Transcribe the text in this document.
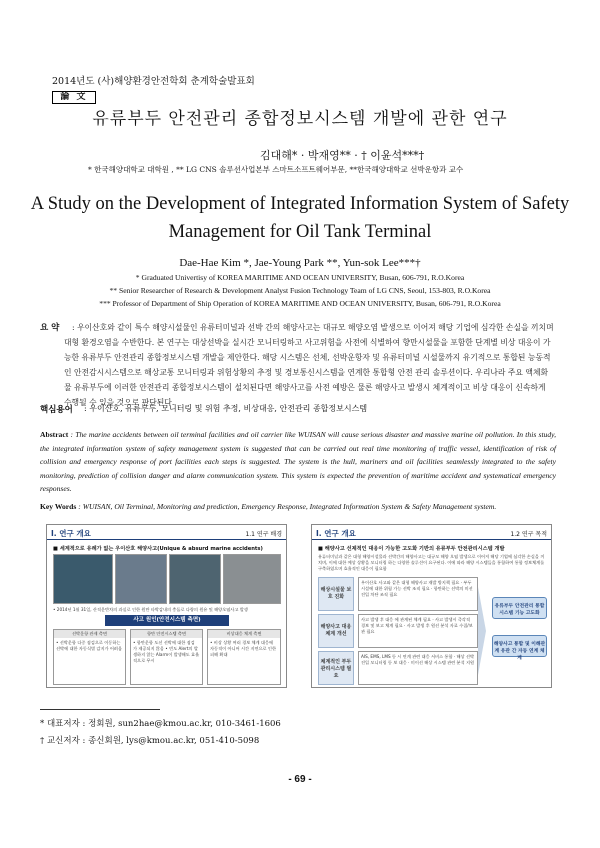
2014년도 (사)해양환경안전학회 춘계학술발표회
論 文
유류부두 안전관리 종합정보시스템 개발에 관한 연구
김대해* · 박재영** · † 이윤석***†
* 한국해양대학교 대학원 , ** LG CNS 솔루션사업본부 스마트소프트웨어부문, **한국해양대학교 선박운항과 교수
A Study on the Development of Integrated Information System of Safety
Management for Oil Tank Terminal
Dae-Hae Kim *, Jae-Young Park **, Yun-sok Lee***†
* Graduated Univertisy of KOREA MARITIME AND OCEAN UNIVERSITY, Busan, 606-791, R.O.Korea
** Senior Researcher of Research & Development Analyst Fusion Technology Team of LG CNS, Seoul, 153-803, R.O.Korea
*** Professor of Department of Ship Operation of KOREA MARITIME AND OCEAN UNIVERSITY, Busan, 606-791, R.O.Korea
요 약	: 우이산호와 같이 특수 해양시설물인 유류터미널과 선박 간의 해양사고는 대규모 해양오염 발생으로 이어져 해당 기업에 심각한 손실을 끼치며 대형 환경오염을 수반한다. 본 연구는 대상선박을 실시간 모니터링하고 사고위험을 사전에 식별하여 향만시설물을 포함한 단계별 비상 대응이 가능한 유류부두 안전관리 종합정보시스템 개발을 제안한다. 해당 시스템은 선체, 선박운항자 및 유류터미널 시설물까지 유기적으로 통합된 능동적인 안전감시시스템으로 해상교통 모니터링과 위험상황의 추정 및 경보통신시스템을 연계한 통합형 안전 관리 솔루션이다. 우리나라 주요 액체화물 유류부두에 이러한 안전관리 종합정보시스템이 설치된다면 해양사고를 사전 예방은 물론 해양사고 발생시 체계적이고 비상 대응이 신속하게 수행될 수 있을 것으로 판단된다.
핵심용어 : 우이산호, 유류부두, 모니터링 및 위험 추정, 비상대응, 안전관리 종합정보시스템
Abstract : The marine accidents between oil terminal facilities and oil carrier like WUISAN will cause serious disaster and massive marine oil pollution. In this study, the integrated information system of safety management system is suggested that can be carried out real time monitoring of traffic vessel, identification of risk of collision and emergency response of port facilities each steps is suggested. The system is the hull, mariners and oil facilities seamlessly integrated to the safety monitoring, prediction of collision danger and alarm communication system. This system is expected the prevention of maritime accident and systematical emergency responses.
Key Words : WUISAN, Oil Terminal, Monitoring and prediction, Emergency Response, Integrated Information System & Safety Management system.
I. 연구 개요	1.1 연구 배경
■ 세계적으로 유례가 없는 우이산호 해양사고(Unique & absurd marine accidents)
• 2014년 1월 31일, 산적운반차의 과실로 인한 원만 타박감내의 충돌로 다량의 원유 및 해양오염사고 발생
사고 원인(안전시스템 측면)
선박운항 관제 측면
• 선박운항 다중 점검으로 이동하는 선박에 대한 자동식별 감지가 어려움
항만 안전시스템 측면
• 항만운항 도선 선박에 대한 점검 가 제공되지 않음 • 빈도 Alert의 발생하지 않는 Alarm이 발생해도 효율적으로 무시
비상대응 체계 측면
• 비상 상황 여러 경보 체계 대응에 자동적이 아니어 시간 지연으로 인한 피해 확대
I. 연구 개요	1.2 연구 목적
■ 해양사고 선제적인 대응이 가능한 고도화 기반의 유류부두 안전관리시스템 개발
유류터미널과 같은 대형 해양시설물과 선박간의 해양사고는 대규모 해양 오염 발생으로 이어져 해당 기업에 심각한 손실을 끼치며, 이에 대한 예상 상황을 모니터링 하는 다양한 솔루션이 요구된다. 이에 따라 해양 시스템들을 통합하여 통합 정보체계를 구축하였으며 효율적인 대응이 필요함
해상시설물 보호 진화
우이산호 사고와 같은 대형 해양사고 재발 방지책 필요 · 부두 시설에 대한 위험 가능 선박 조직 필요 · 항만하는 선박의 미선 진입 차단 조직 필요
해양사고 대응체계 개선
사고 발생 후 대응 에 관계된 체계 필요 · 사고 발생시 즉각적 경보 및 보고 체계 필요 · 사고 발생 후 원선 분석 자료 수집/보관 필요
체계적인 부두관리시스템 필요
AIS, EMS, LMS 등 시 연계 관련 대응 서비스 통합 · 해상 선박 진입 모니터링 등 보 대응 · 미이선 해상 시스템 관련 분석 지원
유류부두 안전관리 통합 시스템 기능 고도화
해양사고 통합 및 이해관계 유관 간 자동 연계 체계
* 대표저자 : 정회원, sun2hae@kmou.ac.kr, 010-3461-1606
† 교신저자 : 종신회원, lys@kmou.ac.kr, 051-410-5098
- 69 -
